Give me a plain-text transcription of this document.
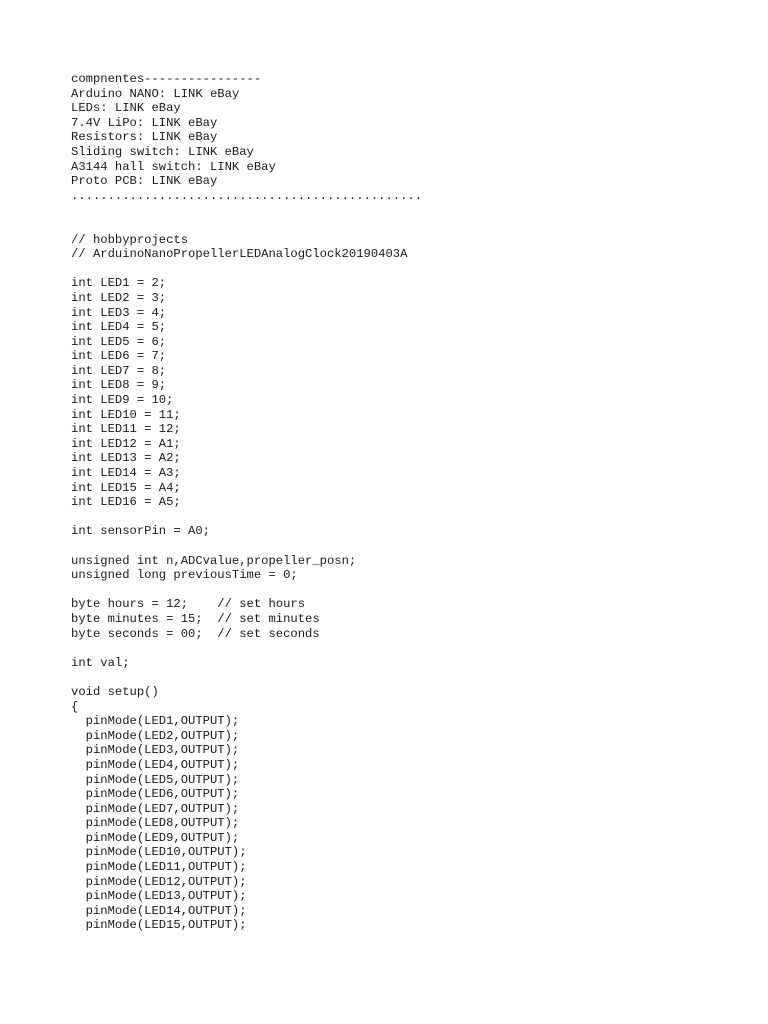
compnentes----------------
Arduino NANO: LINK eBay
LEDs: LINK eBay
7.4V LiPo: LINK eBay
Resistors: LINK eBay
Sliding switch: LINK eBay
A3144 hall switch: LINK eBay
Proto PCB: LINK eBay
................................................
// hobbyprojects
// ArduinoNanoPropellerLEDAnalogClock20190403A
int LED1 = 2;
int LED2 = 3;
int LED3 = 4;
int LED4 = 5;
int LED5 = 6;
int LED6 = 7;
int LED7 = 8;
int LED8 = 9;
int LED9 = 10;
int LED10 = 11;
int LED11 = 12;
int LED12 = A1;
int LED13 = A2;
int LED14 = A3;
int LED15 = A4;
int LED16 = A5;
int sensorPin = A0;
unsigned int n,ADCvalue,propeller_posn;
unsigned long previousTime = 0;
byte hours = 12;    // set hours
byte minutes = 15;  // set minutes
byte seconds = 00;  // set seconds
int val;
void setup()
{
pinMode(LED1,OUTPUT);
pinMode(LED2,OUTPUT);
pinMode(LED3,OUTPUT);
pinMode(LED4,OUTPUT);
pinMode(LED5,OUTPUT);
pinMode(LED6,OUTPUT);
pinMode(LED7,OUTPUT);
pinMode(LED8,OUTPUT);
pinMode(LED9,OUTPUT);
pinMode(LED10,OUTPUT);
pinMode(LED11,OUTPUT);
pinMode(LED12,OUTPUT);
pinMode(LED13,OUTPUT);
pinMode(LED14,OUTPUT);
pinMode(LED15,OUTPUT);
